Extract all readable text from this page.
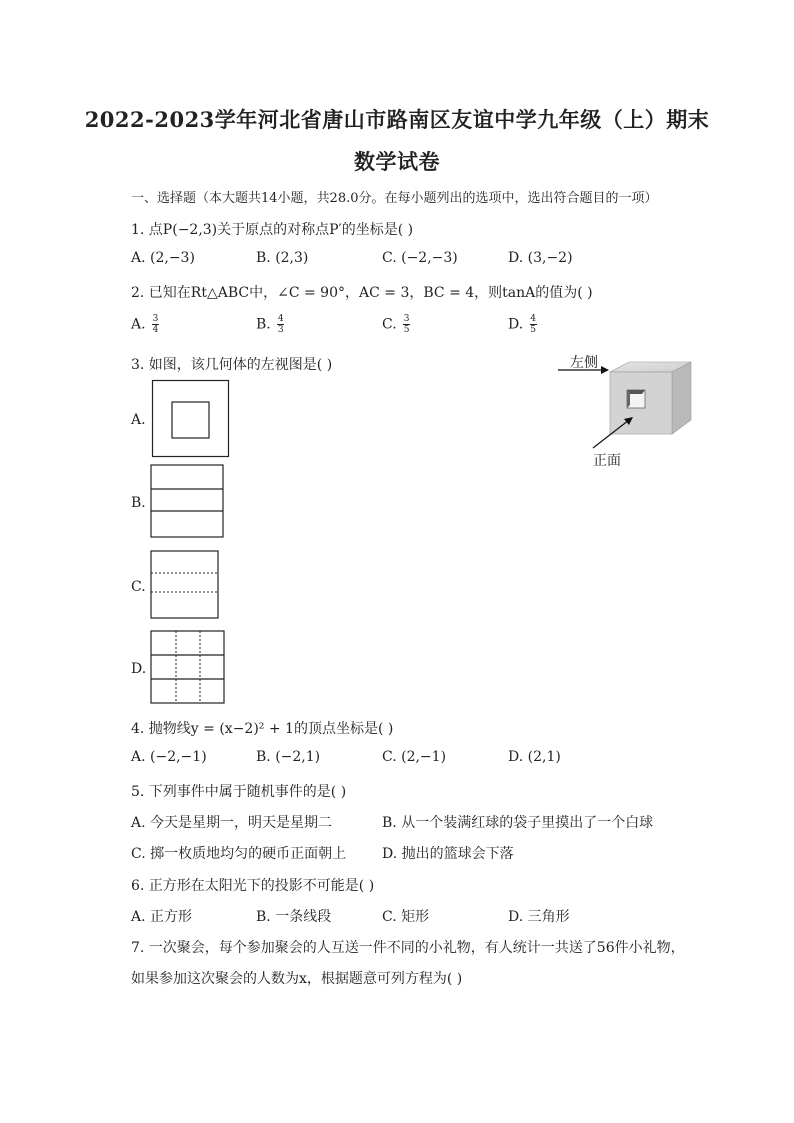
2022-2023学年河北省唐山市路南区友谊中学九年级（上）期末
数学试卷
一、选择题（本大题共14小题，共28.0分。在每小题列出的选项中，选出符合题目的一项）
1. 点P(−2,3)关于原点的对称点P′的坐标是( )
A. (2,−3)	B. (2,3)	C. (−2,−3)	D. (3,−2)
2. 已知在Rt△ABC中，∠C = 90°，AC = 3，BC = 4，则tanA的值为( )
A. $\frac{3}{4}$	B. $\frac{4}{3}$	C. $\frac{3}{5}$	D. $\frac{4}{5}$
3. 如图，该几何体的左视图是( )	左侧
正面
A.
B.
C.
D.
4. 抛物线y = (x−2)² + 1的顶点坐标是( )
A. (−2,−1)	B. (−2,1)	C. (2,−1)	D. (2,1)
5. 下列事件中属于随机事件的是( )
A. 今天是星期一，明天是星期二	B. 从一个装满红球的袋子里摸出了一个白球
C. 掷一枚质地均匀的硬币正面朝上	D. 抛出的篮球会下落
6. 正方形在太阳光下的投影不可能是( )
A. 正方形	B. 一条线段	C. 矩形	D. 三角形
7. 一次聚会，每个参加聚会的人互送一件不同的小礼物，有人统计一共送了56件小礼物，
如果参加这次聚会的人数为x，根据题意可列方程为( )
